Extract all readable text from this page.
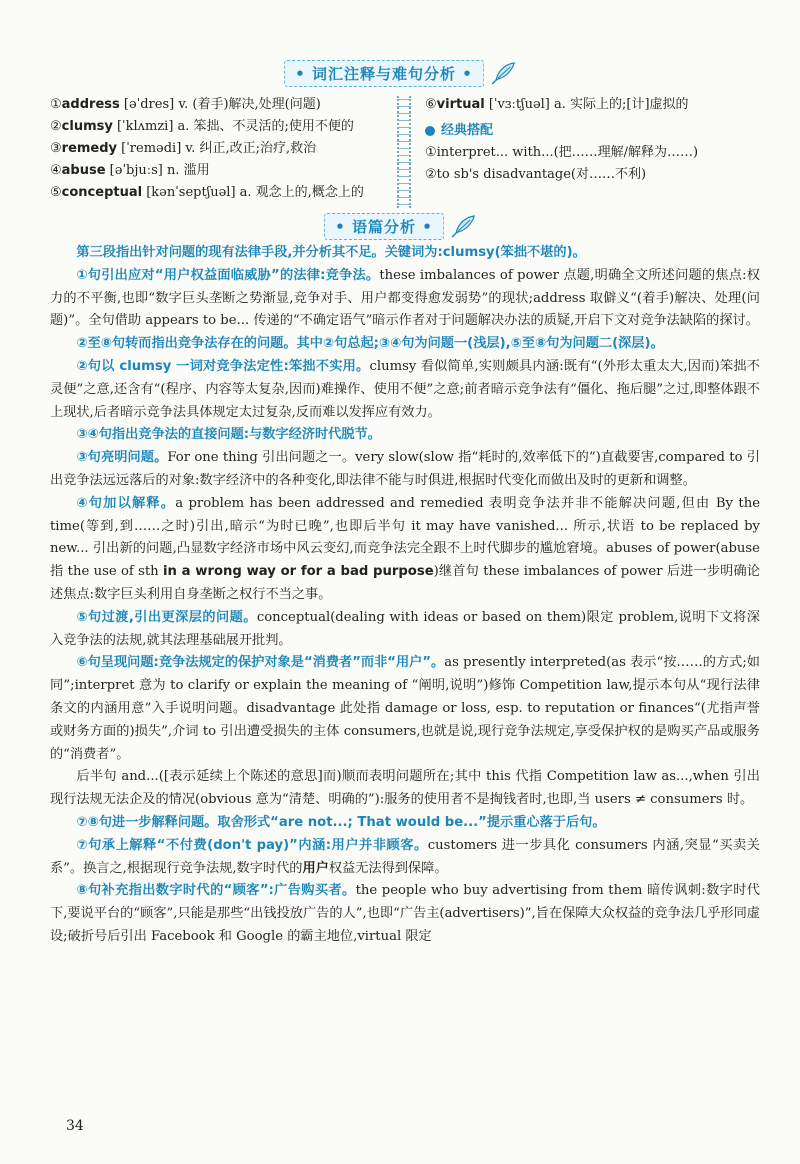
• 词汇注释与难句分析 •
①address [əˈdres] v. (着手)解决,处理(问题)
②clumsy [ˈklʌmzi] a. 笨拙、不灵活的;使用不便的
③remedy [ˈremədi] v. 纠正,改正;治疗,救治
④abuse [əˈbjuːs] n. 滥用
⑤conceptual [kənˈseptʃuəl] a. 观念上的,概念上的
⑥virtual [ˈvɜːtʃuəl] a. 实际上的;[计]虚拟的
经典搭配
①interpret... with...(把……理解/解释为……)
②to sb's disadvantage(对……不利)
• 语篇分析 •

第三段指出针对问题的现有法律手段,并分析其不足。关键词为:clumsy(笨拙不堪的)。

①句引出应对“用户权益面临威胁”的法律:竞争法。these imbalances of power 点题,明确全文所述问题的焦点:权力的不平衡,也即“数字巨头垄断之势渐显,竞争对手、用户都变得愈发弱势”的现状;address 取僻义“(着手)解决、处理(问题)”。全句借助 appears to be... 传递的“不确定语气”暗示作者对于问题解决办法的质疑,开启下文对竞争法缺陷的探讨。

②至⑧句转而指出竞争法存在的问题。其中②句总起;③④句为问题一(浅层),⑤至⑧句为问题二(深层)。

②句以 clumsy 一词对竞争法定性:笨拙不实用。clumsy 看似简单,实则颇具内涵:既有“(外形太重太大,因而)笨拙不灵便”之意,还含有“(程序、内容等太复杂,因而)难操作、使用不便”之意;前者暗示竞争法有“僵化、拖后腿”之过,即整体跟不上现状,后者暗示竞争法具体规定太过复杂,反而难以发挥应有效力。

③④句指出竞争法的直接问题:与数字经济时代脱节。

③句亮明问题。For one thing 引出问题之一。very slow(slow 指“耗时的,效率低下的”)直截要害,compared to 引出竞争法远远落后的对象:数字经济中的各种变化,即法律不能与时俱进,根据时代变化而做出及时的更新和调整。

④句加以解释。a problem has been addressed and remedied 表明竞争法并非不能解决问题,但由 By the time(等到,到……之时)引出,暗示“为时已晚”,也即后半句 it may have vanished... 所示,状语 to be replaced by new... 引出新的问题,凸显数字经济市场中风云变幻,而竞争法完全跟不上时代脚步的尴尬窘境。abuses of power(abuse 指 the use of sth in a wrong way or for a bad purpose)继首句 these imbalances of power 后进一步明确论述焦点:数字巨头利用自身垄断之权行不当之事。

⑤句过渡,引出更深层的问题。conceptual(dealing with ideas or based on them)限定 problem,说明下文将深入竞争法的法规,就其法理基础展开批判。

⑥句呈现问题:竞争法规定的保护对象是“消费者”而非“用户”。as presently interpreted(as 表示“按……的方式;如同”;interpret 意为 to clarify or explain the meaning of “阐明,说明”)修饰 Competition law,提示本句从“现行法律条文的内涵用意”入手说明问题。disadvantage 此处指 damage or loss, esp. to reputation or finances“(尤指声誉或财务方面的)损失”,介词 to 引出遭受损失的主体 consumers,也就是说,现行竞争法规定,享受保护权的是购买产品或服务的“消费者”。

后半句 and...([表示延续上个陈述的意思]而)顺而表明问题所在;其中 this 代指 Competition law as...,when 引出现行法规无法企及的情况(obvious 意为“清楚、明确的”):服务的使用者不是掏钱者时,也即,当 users ≠ consumers 时。

⑦⑧句进一步解释问题。取舍形式“are not...; That would be...”提示重心落于后句。

⑦句承上解释“不付费(don't pay)”内涵:用户并非顾客。customers 进一步具化 consumers 内涵,突显“买卖关系”。换言之,根据现行竞争法规,数字时代的用户权益无法得到保障。

⑧句补充指出数字时代的“顾客”:广告购买者。the people who buy advertising from them 暗传讽刺:数字时代下,要说平台的“顾客”,只能是那些“出钱投放广告的人”,也即“广告主(advertisers)”,旨在保障大众权益的竞争法几乎形同虚设;破折号后引出 Facebook 和 Google 的霸主地位,virtual 限定

34
